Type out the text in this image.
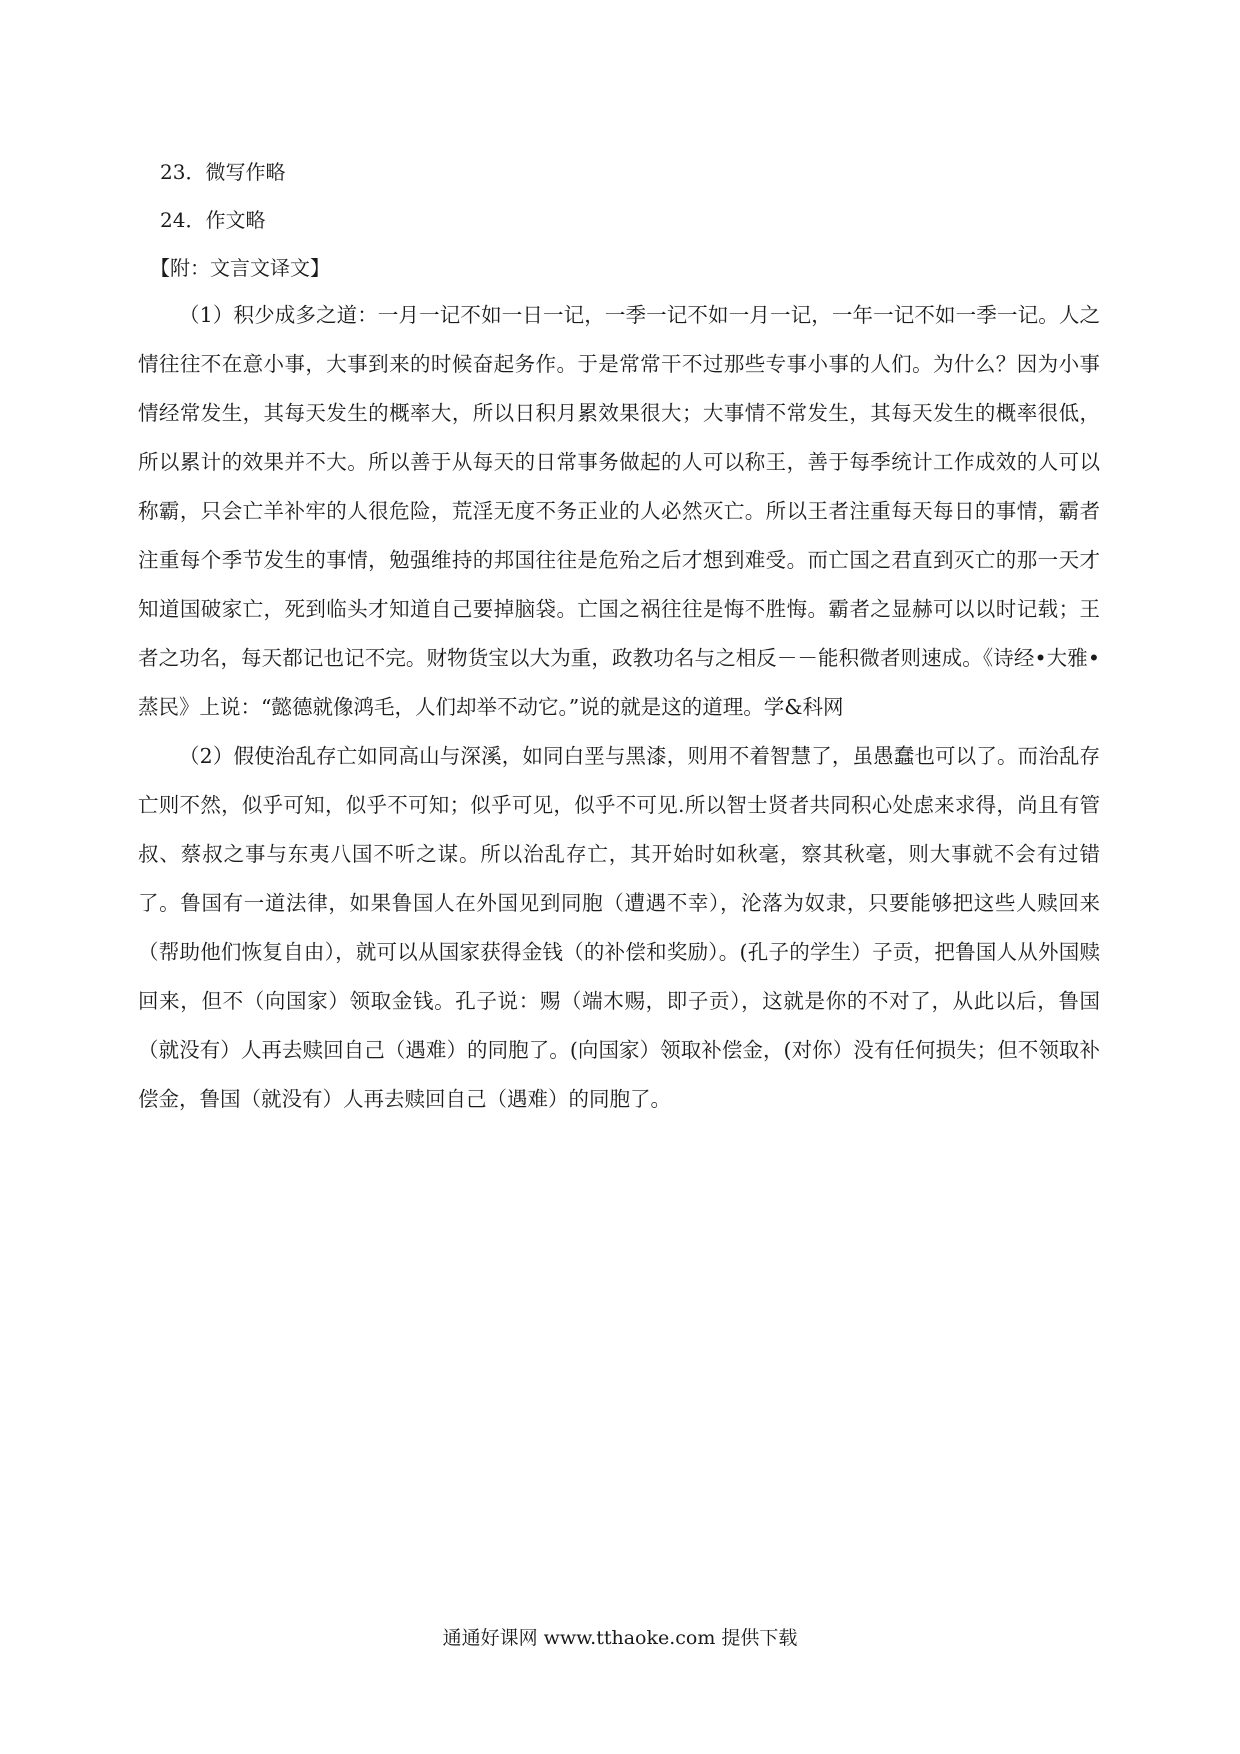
23．微写作略
24．作文略
【附：文言文译文】

（1）积少成多之道：一月一记不如一日一记，一季一记不如一月一记，一年一记不如一季一记。人之情往往不在意小事，大事到来的时候奋起务作。于是常常干不过那些专事小事的人们。为什么？因为小事情经常发生，其每天发生的概率大，所以日积月累效果很大；大事情不常发生，其每天发生的概率很低，所以累计的效果并不大。所以善于从每天的日常事务做起的人可以称王，善于每季统计工作成效的人可以称霸，只会亡羊补牢的人很危险，荒淫无度不务正业的人必然灭亡。所以王者注重每天每日的事情，霸者注重每个季节发生的事情，勉强维持的邦国往往是危殆之后才想到难受。而亡国之君直到灭亡的那一天才知道国破家亡，死到临头才知道自己要掉脑袋。亡国之祸往往是悔不胜悔。霸者之显赫可以以时记载；王者之功名，每天都记也记不完。财物货宝以大为重，政教功名与之相反－－能积微者则速成。《诗经•大雅•蒸民》上说：“懿德就像鸿毛，人们却举不动它。”说的就是这的道理。学&科网

（2）假使治乱存亡如同高山与深溪，如同白垩与黑漆，则用不着智慧了，虽愚蠢也可以了。而治乱存亡则不然，似乎可知，似乎不可知；似乎可见，似乎不可见.所以智士贤者共同积心处虑来求得，尚且有管叔、蔡叔之事与东夷八国不听之谋。所以治乱存亡，其开始时如秋毫，察其秋毫，则大事就不会有过错了。鲁国有一道法律，如果鲁国人在外国见到同胞（遭遇不幸），沦落为奴隶，只要能够把这些人赎回来（帮助他们恢复自由），就可以从国家获得金钱（的补偿和奖励）。(孔子的学生）子贡，把鲁国人从外国赎回来，但不（向国家）领取金钱。孔子说：赐（端木赐，即子贡），这就是你的不对了，从此以后，鲁国（就没有）人再去赎回自己（遇难）的同胞了。(向国家）领取补偿金，(对你）没有任何损失；但不领取补偿金，鲁国（就没有）人再去赎回自己（遇难）的同胞了。

通通好课网 www.tthaoke.com 提供下载
